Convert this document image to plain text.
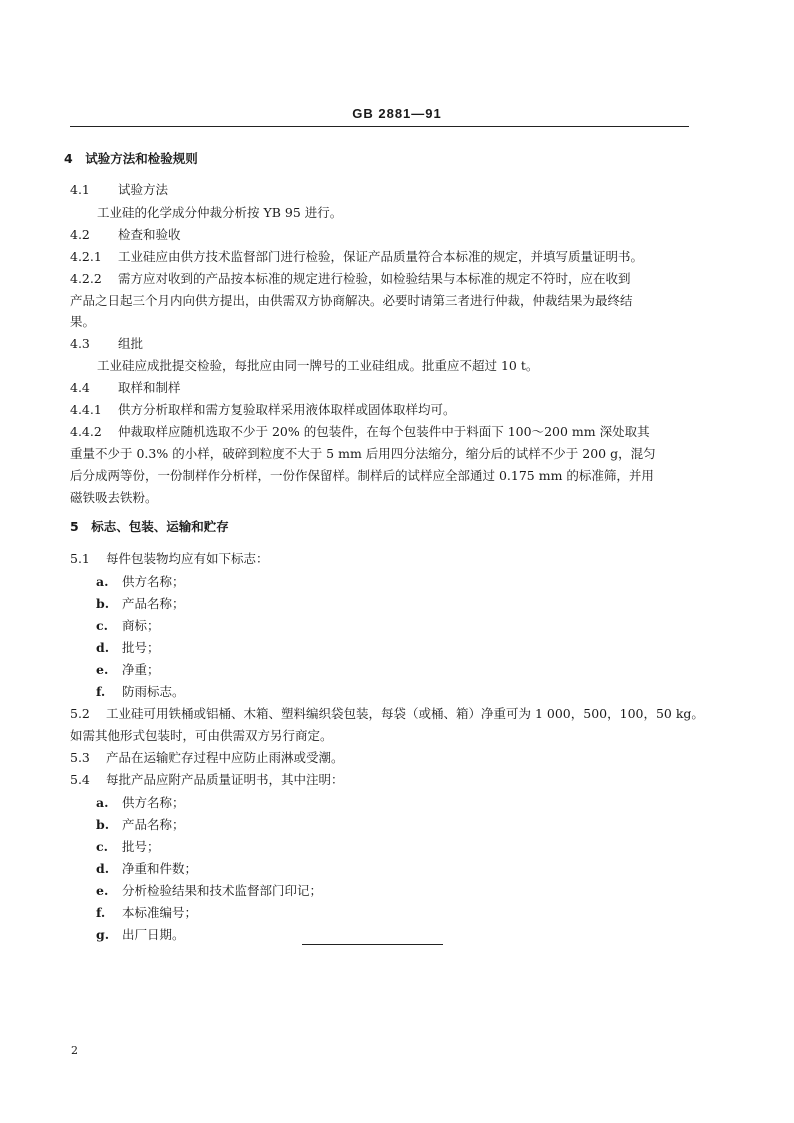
GB 2881—91
4　试验方法和检验规则
4.1 试验方法
工业硅的化学成分仲裁分析按 YB 95 进行。
4.2 检查和验收
4.2.1 工业硅应由供方技术监督部门进行检验，保证产品质量符合本标准的规定，并填写质量证明书。
4.2.2 需方应对收到的产品按本标准的规定进行检验，如检验结果与本标准的规定不符时，应在收到
产品之日起三个月内向供方提出，由供需双方协商解决。必要时请第三者进行仲裁，仲裁结果为最终结
果。
4.3 组批
工业硅应成批提交检验，每批应由同一牌号的工业硅组成。批重应不超过 10 t。
4.4 取样和制样
4.4.1 供方分析取样和需方复验取样采用液体取样或固体取样均可。
4.4.2 仲裁取样应随机选取不少于 20% 的包装件，在每个包装件中于料面下 100～200 mm 深处取其
重量不少于 0.3% 的小样，破碎到粒度不大于 5 mm 后用四分法缩分，缩分后的试样不少于 200 g，混匀
后分成两等份，一份制样作分析样，一份作保留样。制样后的试样应全部通过 0.175 mm 的标准筛，并用
磁铁吸去铁粉。
5　标志、包装、运输和贮存
5.1 每件包装物均应有如下标志：
a. 供方名称；
b. 产品名称；
c. 商标；
d. 批号；
e. 净重；
f. 防雨标志。
5.2 工业硅可用铁桶或铝桶、木箱、塑料编织袋包装，每袋（或桶、箱）净重可为 1 000，500，100，50 kg。
如需其他形式包装时，可由供需双方另行商定。
5.3 产品在运输贮存过程中应防止雨淋或受潮。
5.4 每批产品应附产品质量证明书，其中注明：
a. 供方名称；
b. 产品名称；
c. 批号；
d. 净重和件数；
e. 分析检验结果和技术监督部门印记；
f. 本标准编号；
g. 出厂日期。
2
